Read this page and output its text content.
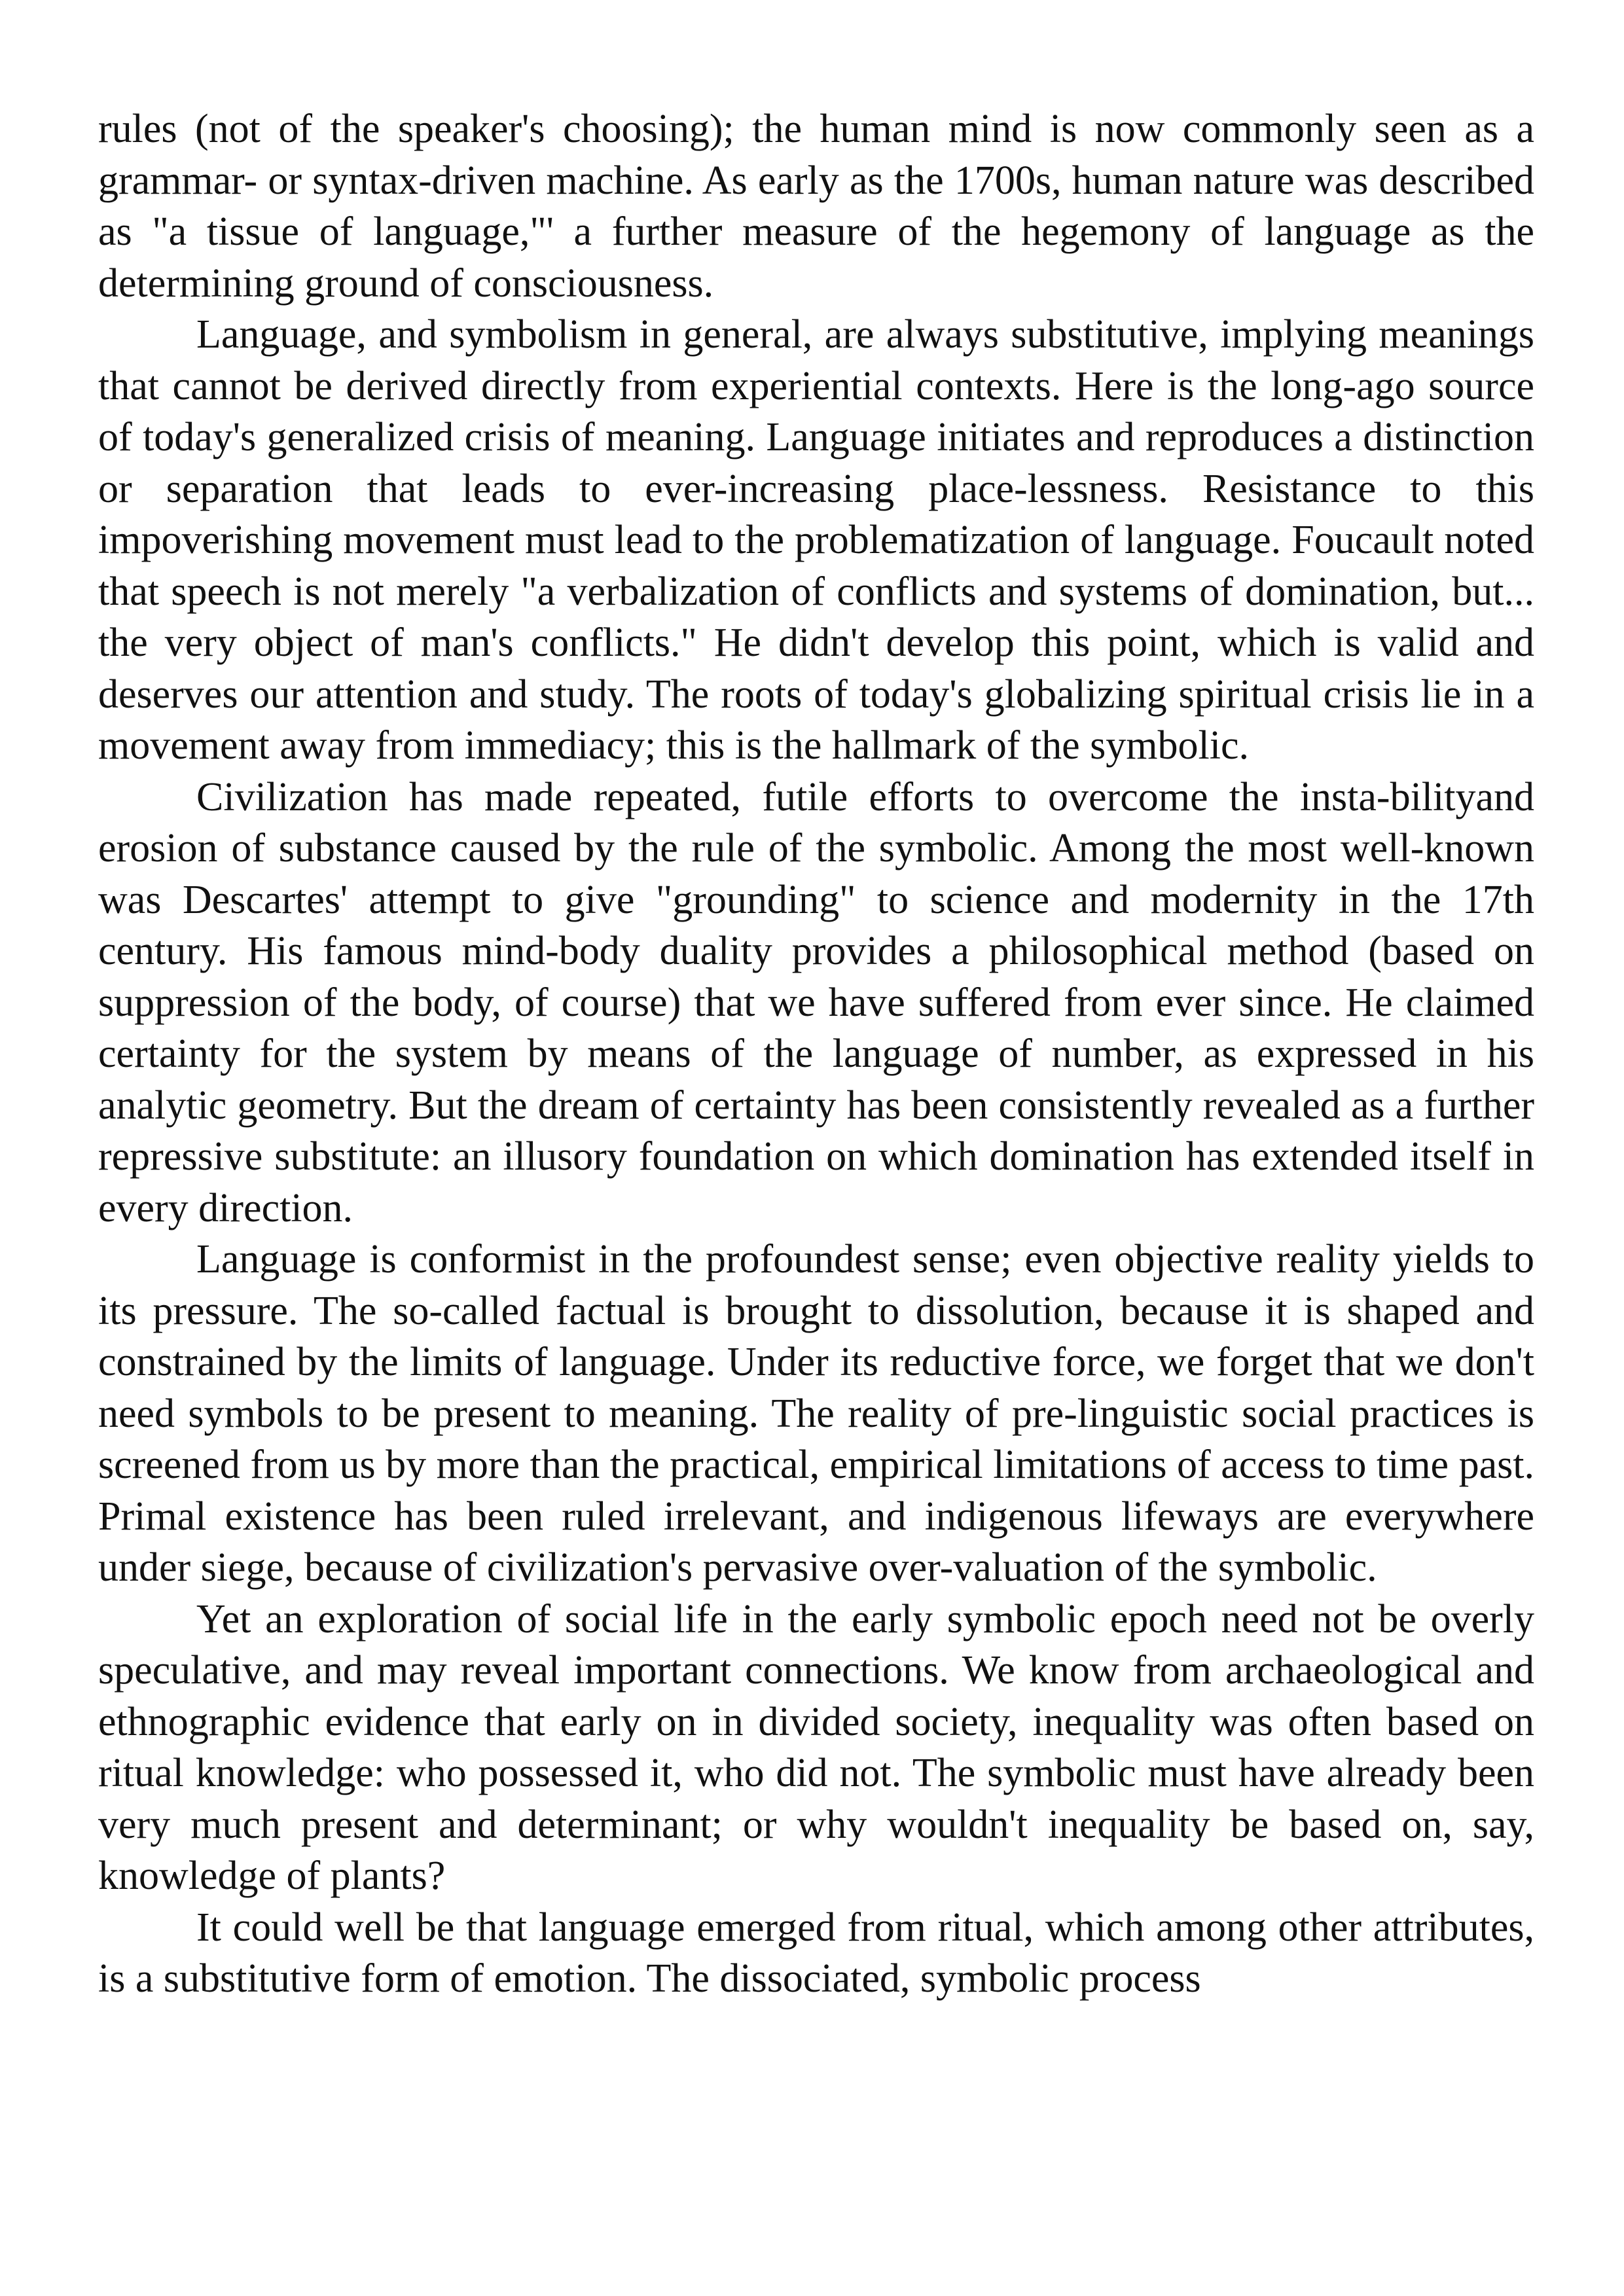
rules (not of the speaker's choosing); the human mind is now commonly seen as a grammar- or syntax-driven machine. As early as the 1700s, human nature was described as "a tissue of language,"' a further measure of the hegemony of language as the determining ground of consciousness.

Language, and symbolism in general, are always substitutive, implying meanings that cannot be derived directly from experiential contexts. Here is the long-ago source of today's generalized crisis of meaning. Language initiates and reproduces a distinction or separation that leads to ever-increasing place-lessness. Resistance to this impoverishing movement must lead to the problematization of language. Foucault noted that speech is not merely "a verbalization of conflicts and systems of domination, but... the very object of man's conflicts." He didn't develop this point, which is valid and deserves our attention and study. The roots of today's globalizing spiritual crisis lie in a movement away from immediacy; this is the hallmark of the symbolic.

Civilization has made repeated, futile efforts to overcome the insta-bilityand erosion of substance caused by the rule of the symbolic. Among the most well-known was Descartes' attempt to give "grounding" to science and modernity in the 17th century. His famous mind-body duality provides a philosophical method (based on suppression of the body, of course) that we have suffered from ever since. He claimed certainty for the system by means of the language of number, as expressed in his analytic geometry. But the dream of certainty has been consistently revealed as a further repressive substitute: an illusory foundation on which domination has extended itself in every direction.

Language is conformist in the profoundest sense; even objective reality yields to its pressure. The so-called factual is brought to dissolution, because it is shaped and constrained by the limits of language. Under its reductive force, we forget that we don't need symbols to be present to meaning. The reality of pre-linguistic social practices is screened from us by more than the practical, empirical limitations of access to time past. Primal existence has been ruled irrelevant, and indigenous lifeways are everywhere under siege, because of civilization's pervasive over-valuation of the symbolic.

Yet an exploration of social life in the early symbolic epoch need not be overly speculative, and may reveal important connections. We know from archaeological and ethnographic evidence that early on in divided society, inequality was often based on ritual knowledge: who possessed it, who did not. The symbolic must have already been very much present and determinant; or why wouldn't inequality be based on, say, knowledge of plants?

It could well be that language emerged from ritual, which among other attributes, is a substitutive form of emotion. The dissociated, symbolic process
